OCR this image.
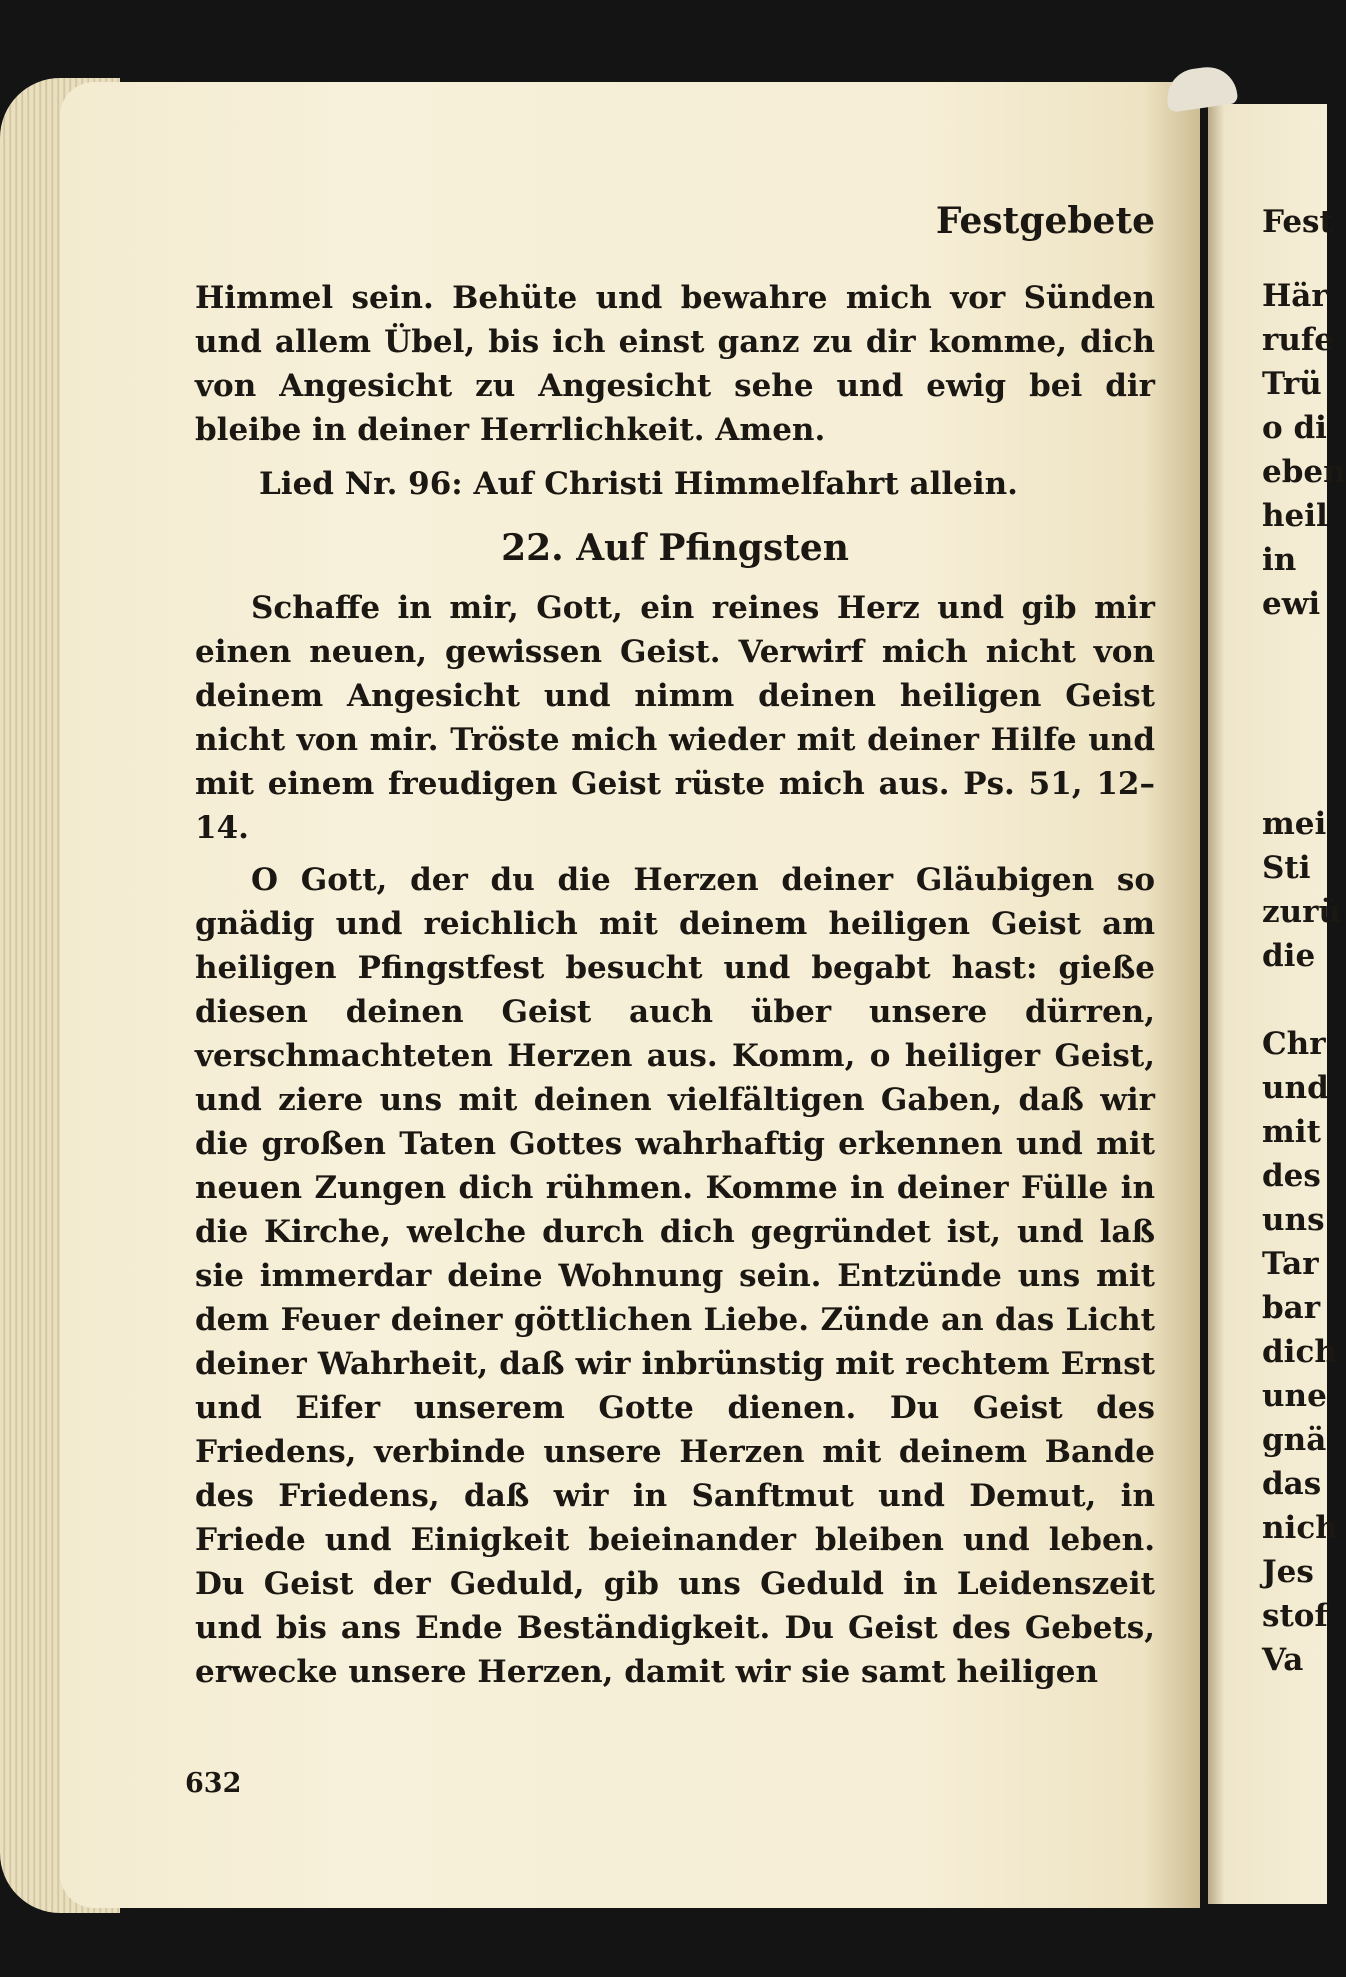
Festgebete

Himmel sein. Behüte und bewahre mich vor Sünden und allem Übel, bis ich einst ganz zu dir komme, dich von Angesicht zu Angesicht sehe und ewig bei dir bleibe in deiner Herrlichkeit. Amen.

Lied Nr. 96: Auf Christi Himmelfahrt allein.

22. Auf Pfingsten

Schaffe in mir, Gott, ein reines Herz und gib mir einen neuen, gewissen Geist. Verwirf mich nicht von deinem Angesicht und nimm deinen heiligen Geist nicht von mir. Tröste mich wieder mit deiner Hilfe und mit einem freudigen Geist rüste mich aus. Ps. 51, 12–14.

O Gott, der du die Herzen deiner Gläubigen so gnädig und reichlich mit deinem heiligen Geist am heiligen Pfingstfest besucht und begabt hast: gieße diesen deinen Geist auch über unsere dürren, verschmachteten Herzen aus. Komm, o heiliger Geist, und ziere uns mit deinen vielfältigen Gaben, daß wir die großen Taten Gottes wahrhaftig erkennen und mit neuen Zungen dich rühmen. Komme in deiner Fülle in die Kirche, welche durch dich gegründet ist, und laß sie immerdar deine Wohnung sein. Entzünde uns mit dem Feuer deiner göttlichen Liebe. Zünde an das Licht deiner Wahrheit, daß wir inbrünstig mit rechtem Ernst und Eifer unserem Gotte dienen. Du Geist des Friedens, verbinde unsere Herzen mit deinem Bande des Friedens, daß wir in Sanftmut und Demut, in Friede und Einigkeit beieinander bleiben und leben. Du Geist der Geduld, gib uns Geduld in Leidenszeit und bis ans Ende Beständigkeit. Du Geist des Gebets, erwecke unsere Herzen, damit wir sie samt heiligen

632
Fest
Här
rufe
Trü
o di
eben
heil
in
ewi
mei
Sti
zurü
die
Chr
und
mit
des
uns
Tar
bar
dich
une
gnä
das
nich
Jes
stof
Va
